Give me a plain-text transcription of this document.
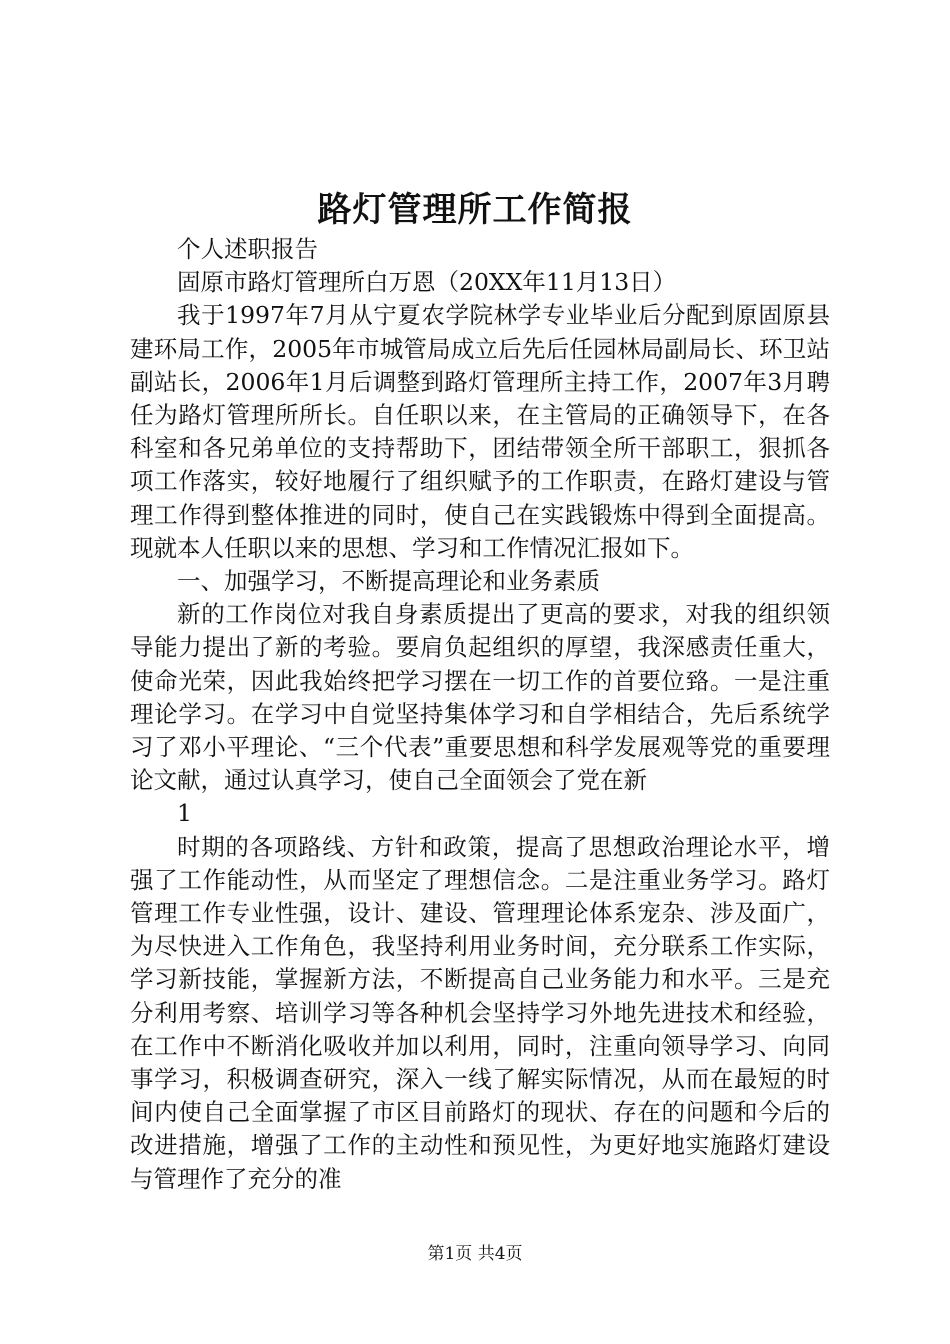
路灯管理所工作简报

个人述职报告

固原市路灯管理所白万恩（20XX年11月13日）

我于1997年7月从宁夏农学院林学专业毕业后分配到原固原县建环局工作，2005年市城管局成立后先后任园林局副局长、环卫站副站长，2006年1月后调整到路灯管理所主持工作，2007年3月聘任为路灯管理所所长。自任职以来，在主管局的正确领导下，在各科室和各兄弟单位的支持帮助下，团结带领全所干部职工，狠抓各项工作落实，较好地履行了组织赋予的工作职责，在路灯建设与管理工作得到整体推进的同时，使自己在实践锻炼中得到全面提高。现就本人任职以来的思想、学习和工作情况汇报如下。

一、加强学习，不断提高理论和业务素质

新的工作岗位对我自身素质提出了更高的要求，对我的组织领导能力提出了新的考验。要肩负起组织的厚望，我深感责任重大，使命光荣，因此我始终把学习摆在一切工作的首要位臵。一是注重理论学习。在学习中自觉坚持集体学习和自学相结合，先后系统学习了邓小平理论、“三个代表”重要思想和科学发展观等党的重要理论文献，通过认真学习，使自己全面领会了党在新

1

时期的各项路线、方针和政策，提高了思想政治理论水平，增强了工作能动性，从而坚定了理想信念。二是注重业务学习。路灯管理工作专业性强，设计、建设、管理理论体系宠杂、涉及面广，为尽快进入工作角色，我坚持利用业务时间，充分联系工作实际，学习新技能，掌握新方法，不断提高自己业务能力和水平。三是充分利用考察、培训学习等各种机会坚持学习外地先进技术和经验，在工作中不断消化吸收并加以利用，同时，注重向领导学习、向同事学习，积极调查研究，深入一线了解实际情况，从而在最短的时间内使自己全面掌握了市区目前路灯的现状、存在的问题和今后的改进措施，增强了工作的主动性和预见性，为更好地实施路灯建设与管理作了充分的准

第1页 共4页
